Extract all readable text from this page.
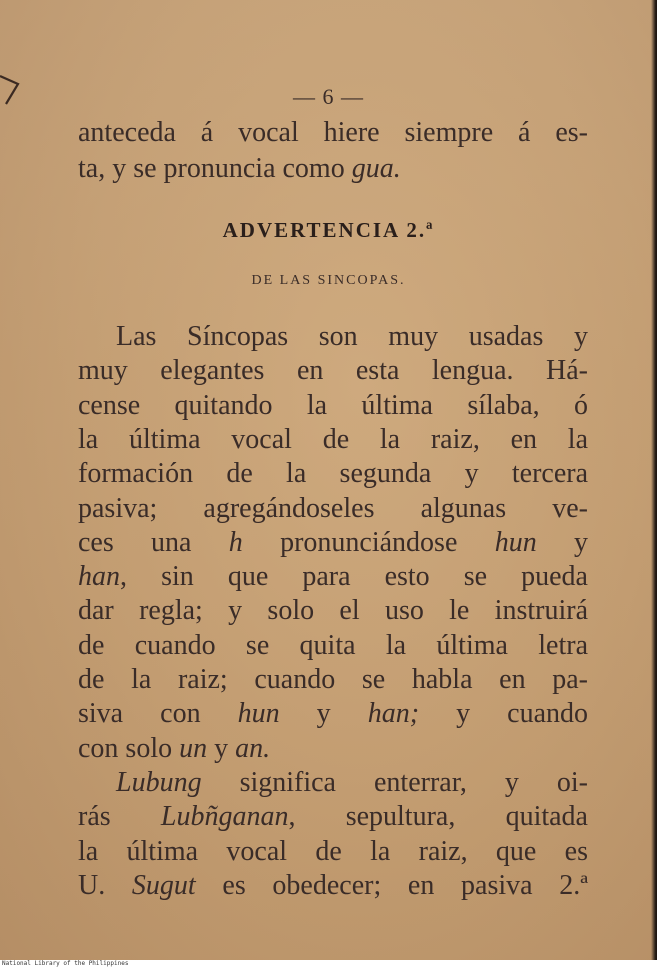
— 6 —
anteceda á vocal hiere siempre á es-
ta, y se pronuncia como gua.
ADVERTENCIA 2.ª
DE LAS SINCOPAS.
Las Síncopas son muy usadas y
muy elegantes en esta lengua. Há-
cense quitando la última sílaba, ó
la última vocal de la raiz, en la
formación de la segunda y tercera
pasiva; agregándoseles algunas ve-
ces una h pronunciándose hun y
han, sin que para esto se pueda
dar regla; y solo el uso le instruirá
de cuando se quita la última letra
de la raiz; cuando se habla en pa-
siva con hun y han; y cuando
con solo un y an.
Lubung significa enterrar, y oi-
rás Lubñganan, sepultura, quitada
la última vocal de la raiz, que es
U. Sugut es obedecer; en pasiva 2.ª
National Library of the Philippines
